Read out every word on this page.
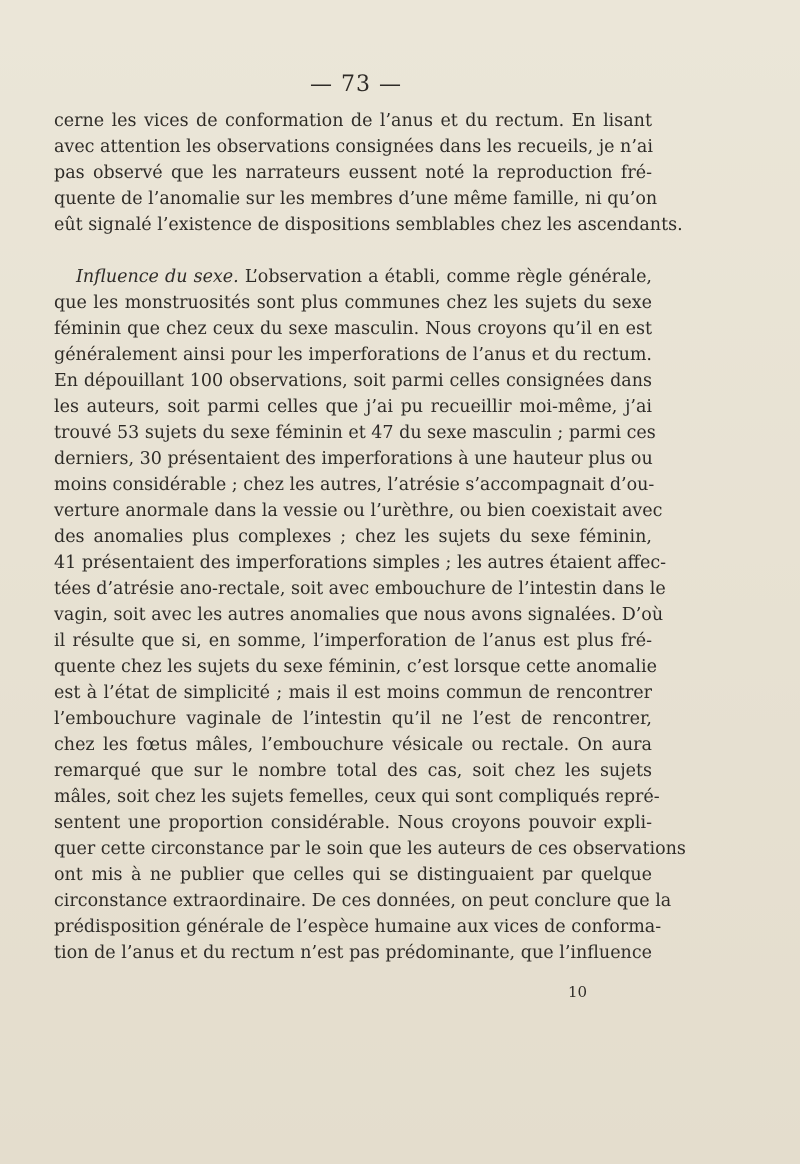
— 73 —
cerne les vices de conformation de l’anus et du rectum. En lisant
avec attention les observations consignées dans les recueils, je n’ai
pas observé que les narrateurs eussent noté la reproduction fré-
quente de l’anomalie sur les membres d’une même famille, ni qu’on
eût signalé l’existence de dispositions semblables chez les ascendants.
Influence du sexe. L’observation a établi, comme règle générale,
que les monstruosités sont plus communes chez les sujets du sexe
féminin que chez ceux du sexe masculin. Nous croyons qu’il en est
généralement ainsi pour les imperforations de l’anus et du rectum.
En dépouillant 100 observations, soit parmi celles consignées dans
les auteurs, soit parmi celles que j’ai pu recueillir moi-même, j’ai
trouvé 53 sujets du sexe féminin et 47 du sexe masculin ; parmi ces
derniers, 30 présentaient des imperforations à une hauteur plus ou
moins considérable ; chez les autres, l’atrésie s’accompagnait d’ou-
verture anormale dans la vessie ou l’urèthre, ou bien coexistait avec
des anomalies plus complexes ; chez les sujets du sexe féminin,
41 présentaient des imperforations simples ; les autres étaient affec-
tées d’atrésie ano-rectale, soit avec embouchure de l’intestin dans le
vagin, soit avec les autres anomalies que nous avons signalées. D’où
il résulte que si, en somme, l’imperforation de l’anus est plus fré-
quente chez les sujets du sexe féminin, c’est lorsque cette anomalie
est à l’état de simplicité ; mais il est moins commun de rencontrer
l’embouchure vaginale de l’intestin qu’il ne l’est de rencontrer,
chez les fœtus mâles, l’embouchure vésicale ou rectale. On aura
remarqué que sur le nombre total des cas, soit chez les sujets
mâles, soit chez les sujets femelles, ceux qui sont compliqués repré-
sentent une proportion considérable. Nous croyons pouvoir expli-
quer cette circonstance par le soin que les auteurs de ces observations
ont mis à ne publier que celles qui se distinguaient par quelque
circonstance extraordinaire. De ces données, on peut conclure que la
prédisposition générale de l’espèce humaine aux vices de conforma-
tion de l’anus et du rectum n’est pas prédominante, que l’influence
10
